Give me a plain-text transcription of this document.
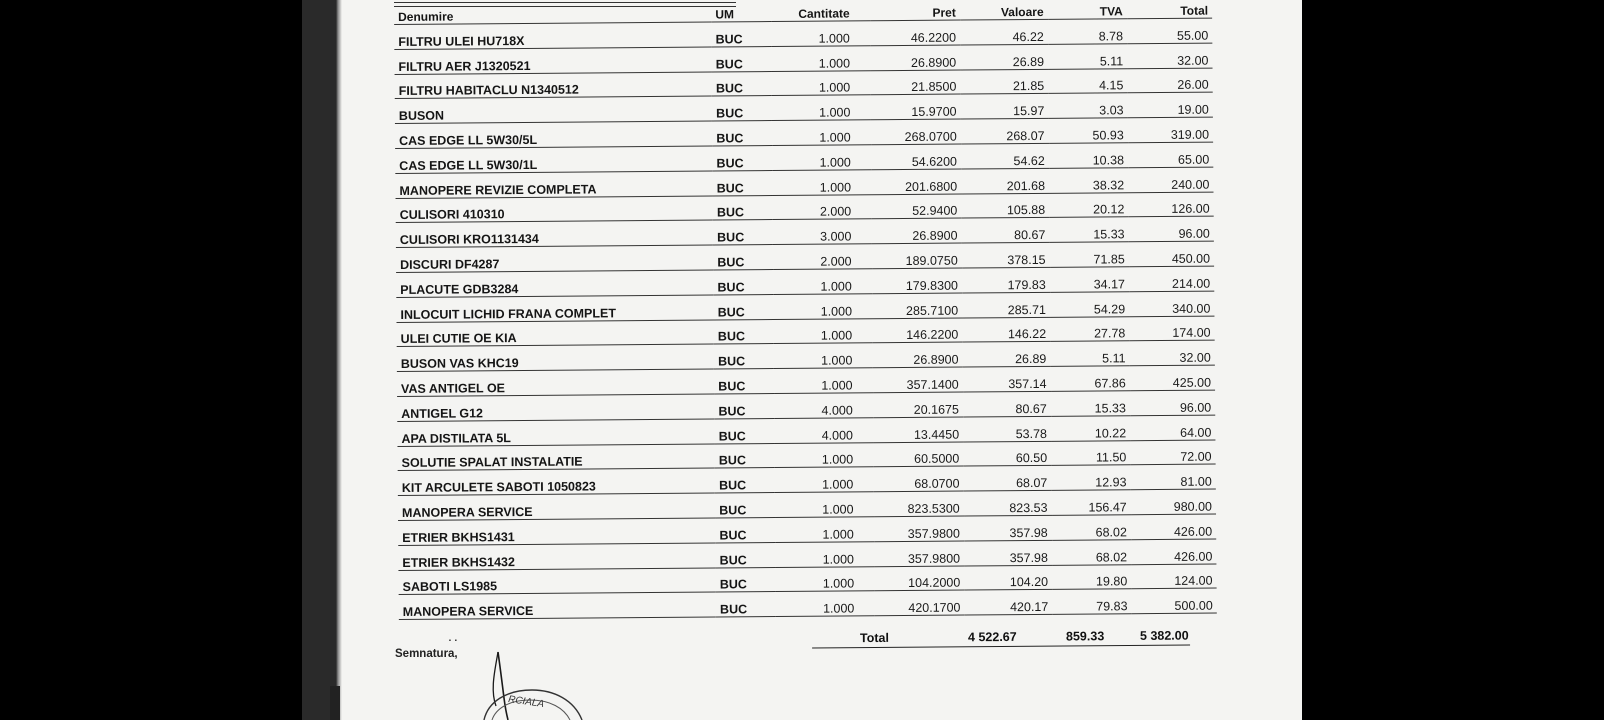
Denumire	UM	Cantitate	Pret	Valoare	TVA	Total
FILTRU ULEI HU718X	BUC	1.000	46.2200	46.22	8.78	55.00
FILTRU AER J1320521	BUC	1.000	26.8900	26.89	5.11	32.00
FILTRU HABITACLU N1340512	BUC	1.000	21.8500	21.85	4.15	26.00
BUSON	BUC	1.000	15.9700	15.97	3.03	19.00
CAS EDGE LL 5W30/5L	BUC	1.000	268.0700	268.07	50.93	319.00
CAS EDGE LL 5W30/1L	BUC	1.000	54.6200	54.62	10.38	65.00
MANOPERE REVIZIE COMPLETA	BUC	1.000	201.6800	201.68	38.32	240.00
CULISORI 410310	BUC	2.000	52.9400	105.88	20.12	126.00
CULISORI KRO1131434	BUC	3.000	26.8900	80.67	15.33	96.00
DISCURI DF4287	BUC	2.000	189.0750	378.15	71.85	450.00
PLACUTE GDB3284	BUC	1.000	179.8300	179.83	34.17	214.00
INLOCUIT LICHID FRANA COMPLET	BUC	1.000	285.7100	285.71	54.29	340.00
ULEI CUTIE OE KIA	BUC	1.000	146.2200	146.22	27.78	174.00
BUSON VAS KHC19	BUC	1.000	26.8900	26.89	5.11	32.00
VAS ANTIGEL OE	BUC	1.000	357.1400	357.14	67.86	425.00
ANTIGEL G12	BUC	4.000	20.1675	80.67	15.33	96.00
APA DISTILATA 5L	BUC	4.000	13.4450	53.78	10.22	64.00
SOLUTIE SPALAT INSTALATIE	BUC	1.000	60.5000	60.50	11.50	72.00
KIT ARCULETE SABOTI 1050823	BUC	1.000	68.0700	68.07	12.93	81.00
MANOPERA SERVICE	BUC	1.000	823.5300	823.53	156.47	980.00
ETRIER BKHS1431	BUC	1.000	357.9800	357.98	68.02	426.00
ETRIER BKHS1432	BUC	1.000	357.9800	357.98	68.02	426.00
SABOTI LS1985	BUC	1.000	104.2000	104.20	19.80	124.00
MANOPERA SERVICE	BUC	1.000	420.1700	420.17	79.83	500.00
..	Total	4 522.67	859.33	5 382.00
Semnatura,
RCIALA
